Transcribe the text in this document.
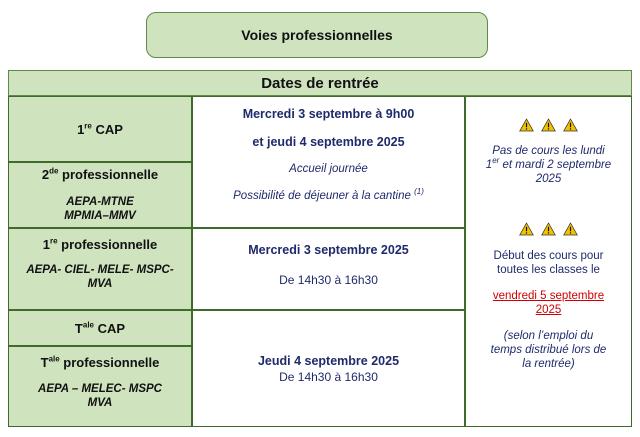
Voies professionnelles
Dates de rentrée
1re CAP
2de professionnelle
AEPA-MTNE
MPMIA–MMV
1re professionnelle
AEPA- CIEL- MELE- MSPC-
MVA
$T^{ale}$ CAP
$T^{ale}$ professionnelle
AEPA – MELEC- MSPC
MVA
Mercredi 3 septembre à 9h00
et jeudi 4 septembre 2025
Accueil journée
Possibilité de déjeuner à la cantine $^{(1)}$
Mercredi 3 septembre 2025
De 14h30 à 16h30
Jeudi 4 septembre 2025
De 14h30 à 16h30
Pas de cours les lundi
1er et mardi 2 septembre
2025
Début des cours pour
toutes les classes le
vendredi 5 septembre
2025
(selon l’emploi du
temps distribué lors de
la rentrée)
